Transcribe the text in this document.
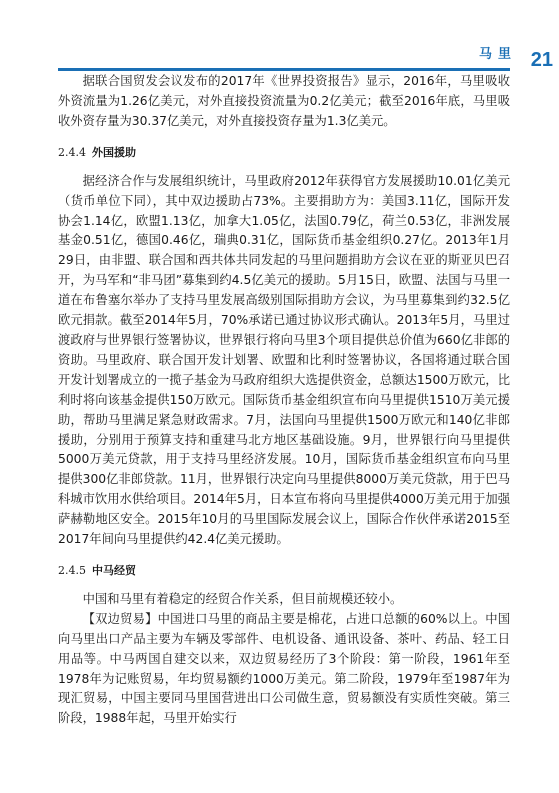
马里 21

据联合国贸发会议发布的2017年《世界投资报告》显示，2016年，马里吸收外资流量为1.26亿美元，对外直接投资流量为0.2亿美元；截至2016年底，马里吸收外资存量为30.37亿美元，对外直接投资存量为1.3亿美元。

2.4.4 外国援助

据经济合作与发展组织统计，马里政府2012年获得官方发展援助10.01亿美元（货币单位下同），其中双边援助占73%。主要捐助方为：美国3.11亿，国际开发协会1.14亿，欧盟1.13亿，加拿大1.05亿，法国0.79亿，荷兰0.53亿，非洲发展基金0.51亿，德国0.46亿，瑞典0.31亿，国际货币基金组织0.27亿。2013年1月29日，由非盟、联合国和西共体共同发起的马里问题捐助方会议在亚的斯亚贝巴召开，为马军和“非马团”募集到约4.5亿美元的援助。5月15日，欧盟、法国与马里一道在布鲁塞尔举办了支持马里发展高级别国际捐助方会议，为马里募集到约32.5亿欧元捐款。截至2014年5月，70%承诺已通过协议形式确认。2013年5月，马里过渡政府与世界银行签署协议，世界银行将向马里3个项目提供总价值为660亿非郎的资助。马里政府、联合国开发计划署、欧盟和比利时签署协议，各国将通过联合国开发计划署成立的一揽子基金为马政府组织大选提供资金，总额达1500万欧元，比利时将向该基金提供150万欧元。国际货币基金组织宣布向马里提供1510万美元援助，帮助马里满足紧急财政需求。7月，法国向马里提供1500万欧元和140亿非郎援助，分别用于预算支持和重建马北方地区基础设施。9月，世界银行向马里提供5000万美元贷款，用于支持马里经济发展。10月，国际货币基金组织宣布向马里提供300亿非郎贷款。11月，世界银行决定向马里提供8000万美元贷款，用于巴马科城市饮用水供给项目。2014年5月，日本宣布将向马里提供4000万美元用于加强萨赫勒地区安全。2015年10月的马里国际发展会议上，国际合作伙伴承诺2015至2017年间向马里提供约42.4亿美元援助。

2.4.5 中马经贸

中国和马里有着稳定的经贸合作关系，但目前规模还较小。

【双边贸易】中国进口马里的商品主要是棉花，占进口总额的60%以上。中国向马里出口产品主要为车辆及零部件、电机设备、通讯设备、茶叶、药品、轻工日用品等。中马两国自建交以来，双边贸易经历了3个阶段：第一阶段，1961年至1978年为记账贸易，年均贸易额约1000万美元。第二阶段，1979年至1987年为现汇贸易，中国主要同马里国营进出口公司做生意，贸易额没有实质性突破。第三阶段，1988年起，马里开始实行
